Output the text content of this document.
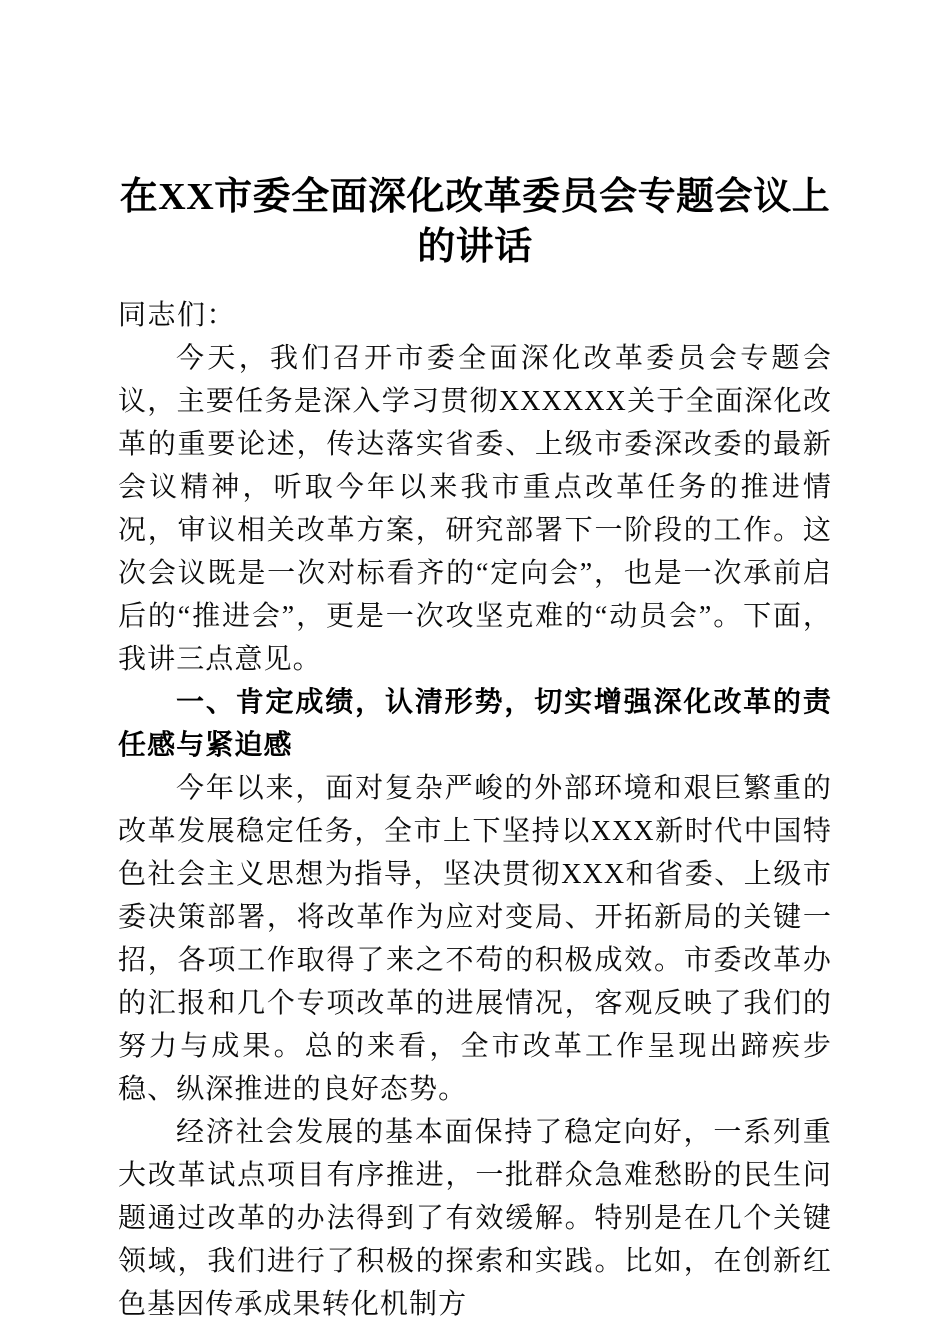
在XX市委全面深化改革委员会专题会议上的讲话

同志们：

今天，我们召开市委全面深化改革委员会专题会议，主要任务是深入学习贯彻XXXXXX关于全面深化改革的重要论述，传达落实省委、上级市委深改委的最新会议精神，听取今年以来我市重点改革任务的推进情况，审议相关改革方案，研究部署下一阶段的工作。这次会议既是一次对标看齐的“定向会”，也是一次承前启后的“推进会”，更是一次攻坚克难的“动员会”。下面，我讲三点意见。

一、肯定成绩，认清形势，切实增强深化改革的责任感与紧迫感

今年以来，面对复杂严峻的外部环境和艰巨繁重的改革发展稳定任务，全市上下坚持以XXX新时代中国特色社会主义思想为指导，坚决贯彻XXX和省委、上级市委决策部署，将改革作为应对变局、开拓新局的关键一招，各项工作取得了来之不苟的积极成效。市委改革办的汇报和几个专项改革的进展情况，客观反映了我们的努力与成果。总的来看，全市改革工作呈现出蹄疾步稳、纵深推进的良好态势。

经济社会发展的基本面保持了稳定向好，一系列重大改革试点项目有序推进，一批群众急难愁盼的民生问题通过改革的办法得到了有效缓解。特别是在几个关键领域，我们进行了积极的探索和实践。比如，在创新红色基因传承成果转化机制方
